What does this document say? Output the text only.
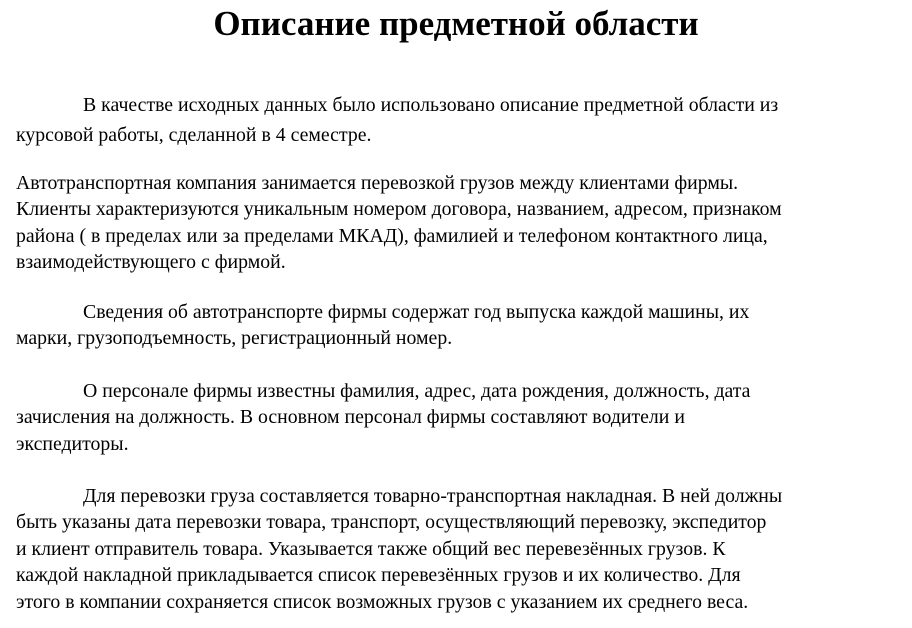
Описание предметной области

В качестве исходных данных было использовано описание предметной области из
курсовой работы, сделанной в 4 семестре.

Автотранспортная компания занимается перевозкой грузов между клиентами фирмы.
Клиенты характеризуются уникальным номером договора, названием, адресом, признаком
района ( в пределах или за пределами МКАД), фамилией и телефоном контактного лица,
взаимодействующего с фирмой.

Сведения об автотранспорте фирмы содержат год выпуска каждой машины, их
марки, грузоподъемность, регистрационный номер.

О персонале фирмы известны фамилия, адрес, дата рождения, должность, дата
зачисления на должность. В основном персонал фирмы составляют водители и
экспедиторы.

Для перевозки груза составляется товарно-транспортная накладная. В ней должны
быть указаны дата перевозки товара, транспорт, осуществляющий перевозку, экспедитор
и клиент отправитель товара. Указывается также общий вес перевезённых грузов. К
каждой накладной прикладывается список перевезённых грузов и их количество. Для
этого в компании сохраняется список возможных грузов с указанием их среднего веса.
